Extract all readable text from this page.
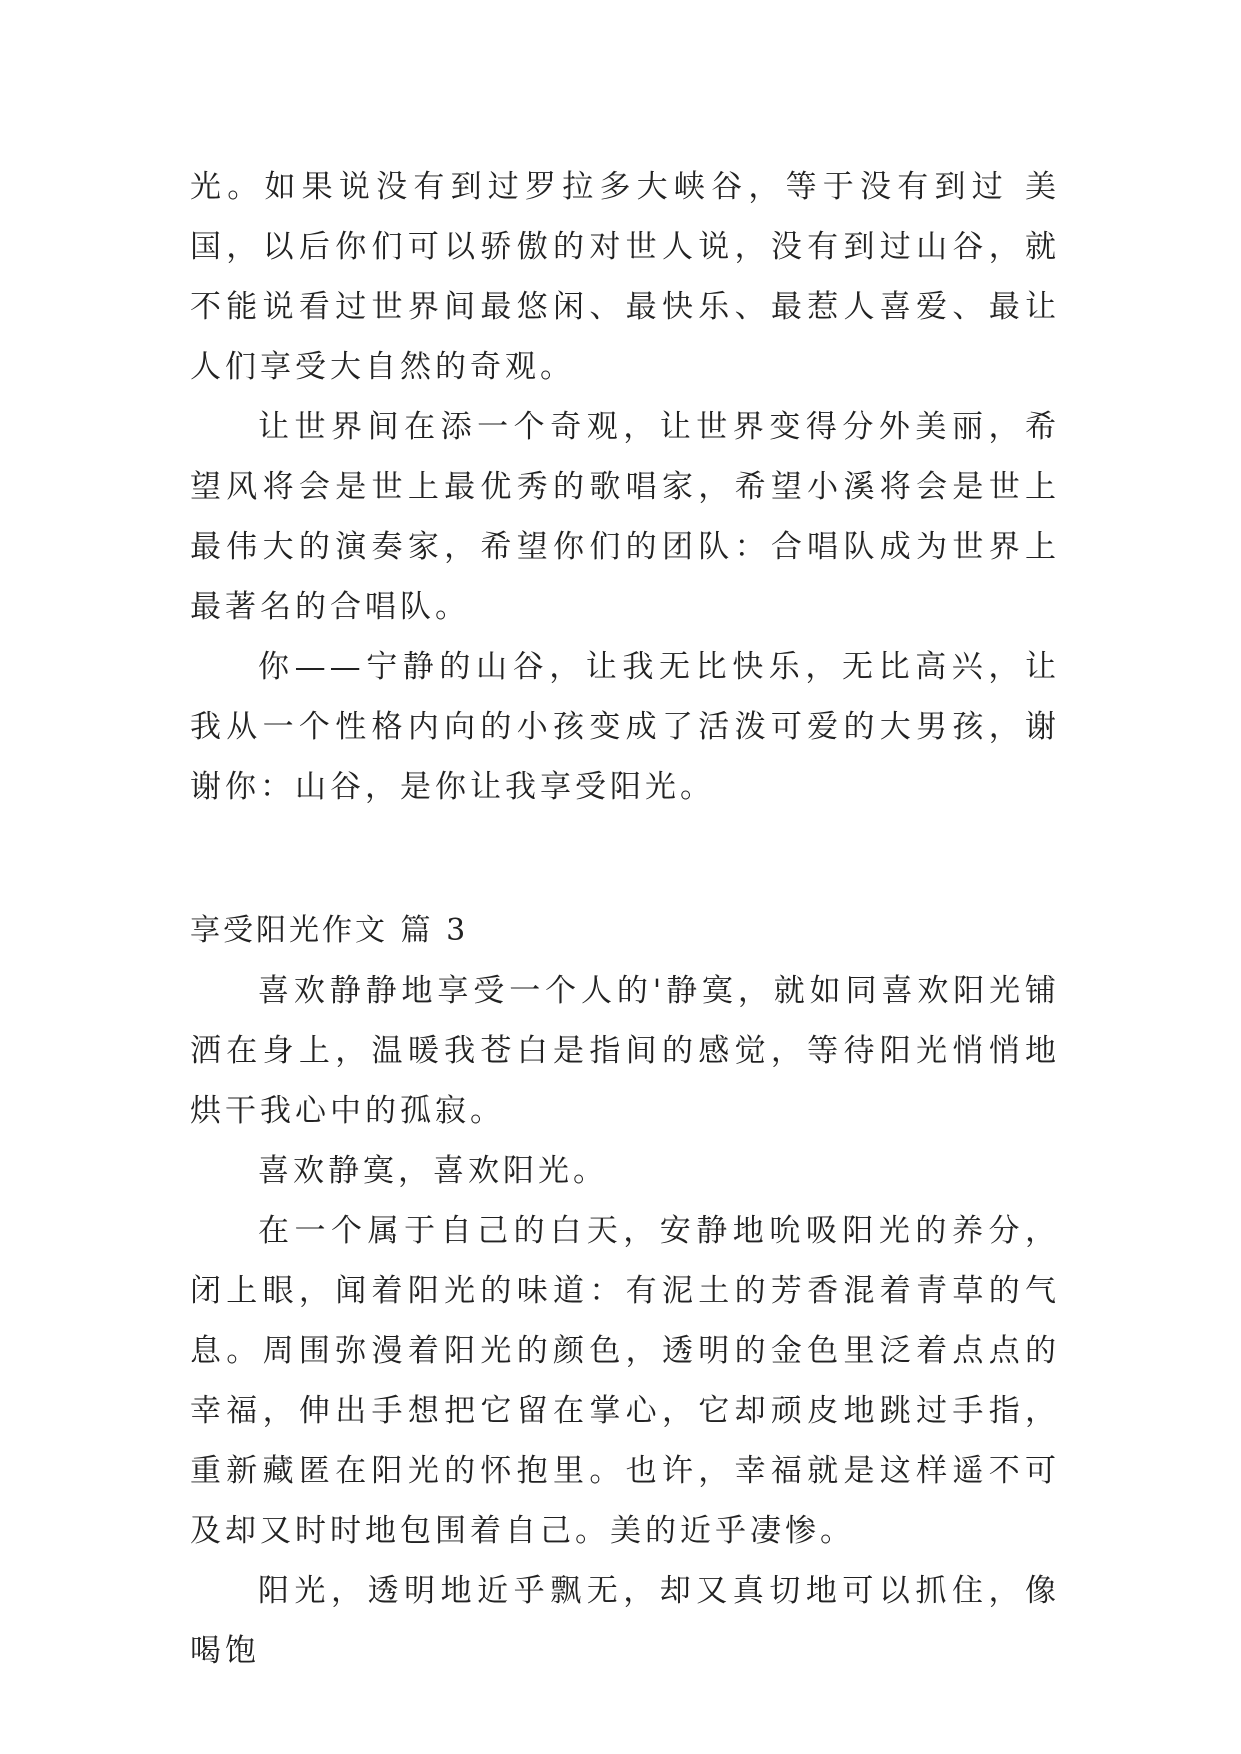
光。如果说没有到过罗拉多大峡谷，等于没有到过 美国，以后你们可以骄傲的对世人说，没有到过山谷，就不能说看过世界间最悠闲、最快乐、最惹人喜爱、最让人们享受大自然的奇观。

让世界间在添一个奇观，让世界变得分外美丽，希望风将会是世上最优秀的歌唱家，希望小溪将会是世上最伟大的演奏家，希望你们的团队：合唱队成为世界上最著名的合唱队。

你——宁静的山谷，让我无比快乐，无比高兴，让我从一个性格内向的小孩变成了活泼可爱的大男孩，谢谢你：山谷，是你让我享受阳光。

享受阳光作文 篇 3

喜欢静静地享受一个人的'静寞，就如同喜欢阳光铺洒在身上，温暖我苍白是指间的感觉，等待阳光悄悄地烘干我心中的孤寂。

喜欢静寞，喜欢阳光。

在一个属于自己的白天，安静地吮吸阳光的养分，闭上眼，闻着阳光的味道：有泥土的芳香混着青草的气息。周围弥漫着阳光的颜色，透明的金色里泛着点点的幸福，伸出手想把它留在掌心，它却顽皮地跳过手指，重新藏匿在阳光的怀抱里。也许，幸福就是这样遥不可及却又时时地包围着自己。美的近乎凄惨。

阳光，透明地近乎飘无，却又真切地可以抓住，像喝饱
